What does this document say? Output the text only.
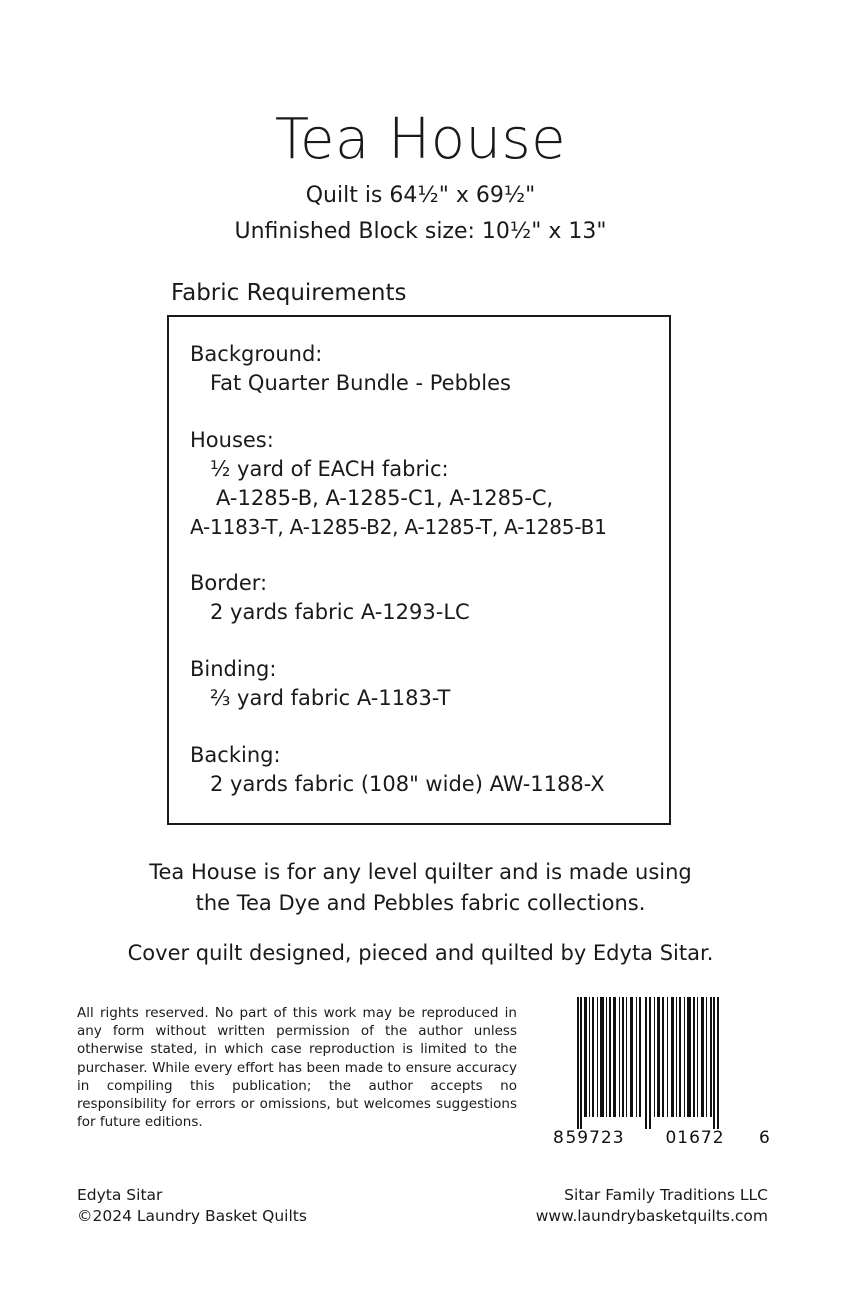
Tea House
Quilt is 64½" x 69½"
Unfinished Block size: 10½" x 13"
Fabric Requirements
Background:
Fat Quarter Bundle - Pebbles
Houses:
½ yard of EACH fabric:
A-1285-B, A-1285-C1, A-1285-C,
A-1183-T, A-1285-B2, A-1285-T, A-1285-B1
Border:
2 yards fabric A-1293-LC
Binding:
⅔ yard fabric A-1183-T
Backing:
2 yards fabric (108" wide) AW-1188-X
Tea House is for any level quilter and is made using
the Tea Dye and Pebbles fabric collections.
Cover quilt designed, pieced and quilted by Edyta Sitar.
All rights reserved. No part of this work may be reproduced in any form without written permission of the author unless otherwise stated, in which case reproduction is limited to the purchaser. While every effort has been made to ensure accuracy in compiling this publication; the author accepts no responsibility for errors or omissions, but welcomes suggestions for future editions.
8 59723 01672 6
Edyta Sitar
©2024 Laundry Basket Quilts
Sitar Family Traditions LLC
www.laundrybasketquilts.com
